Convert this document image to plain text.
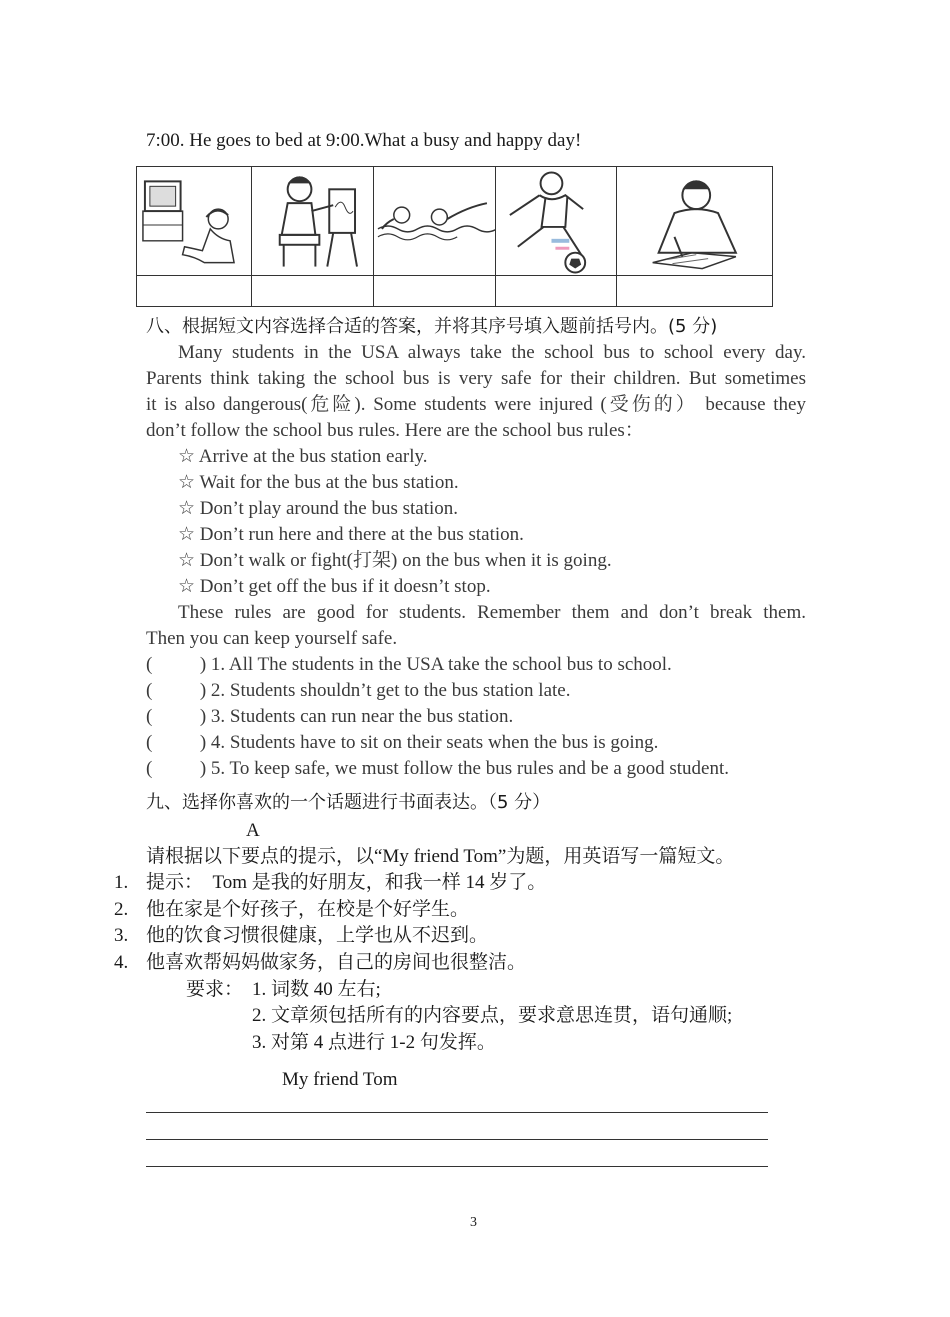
7:00. He goes to bed at 9:00.What a busy and happy day!

八、根据短文内容选择合适的答案，并将其序号填入题前括号内。(5 分)
Many students in the USA always take the school bus to school every day.
Parents think taking the school bus is very safe for their children. But sometimes
it is also dangerous(危险). Some students were injured (受伤的） because they
don’t follow the school bus rules. Here are the school bus rules：
☆ Arrive at the bus station early.
☆ Wait for the bus at the bus station.
☆ Don’t play around the bus station.
☆ Don’t run here and there at the bus station.
☆ Don’t walk or fight(打架) on the bus when it is going.
☆ Don’t get off the bus if it doesn’t stop.
These rules are good for students. Remember them and don’t break them.
Then you can keep yourself safe.
(          ) 1. All The students in the USA take the school bus to school.
(          ) 2. Students shouldn’t get to the bus station late.
(          ) 3. Students can run near the bus station.
(          ) 4. Students have to sit on their seats when the bus is going.
(          ) 5. To keep safe, we must follow the bus rules and be a good student.
九、选择你喜欢的一个话题进行书面表达。（5 分）
A
请根据以下要点的提示，以“My friend Tom”为题，用英语写一篇短文。
1. 提示：  Tom 是我的好朋友，和我一样 14 岁了。
2. 他在家是个好孩子，在校是个好学生。
3. 他的饮食习惯很健康，上学也从不迟到。
4. 他喜欢帮妈妈做家务，自己的房间也很整洁。
要求： 1. 词数 40 左右;
2. 文章须包括所有的内容要点，要求意思连贯，语句通顺;
3. 对第 4 点进行 1-2 句发挥。
My friend Tom
3
